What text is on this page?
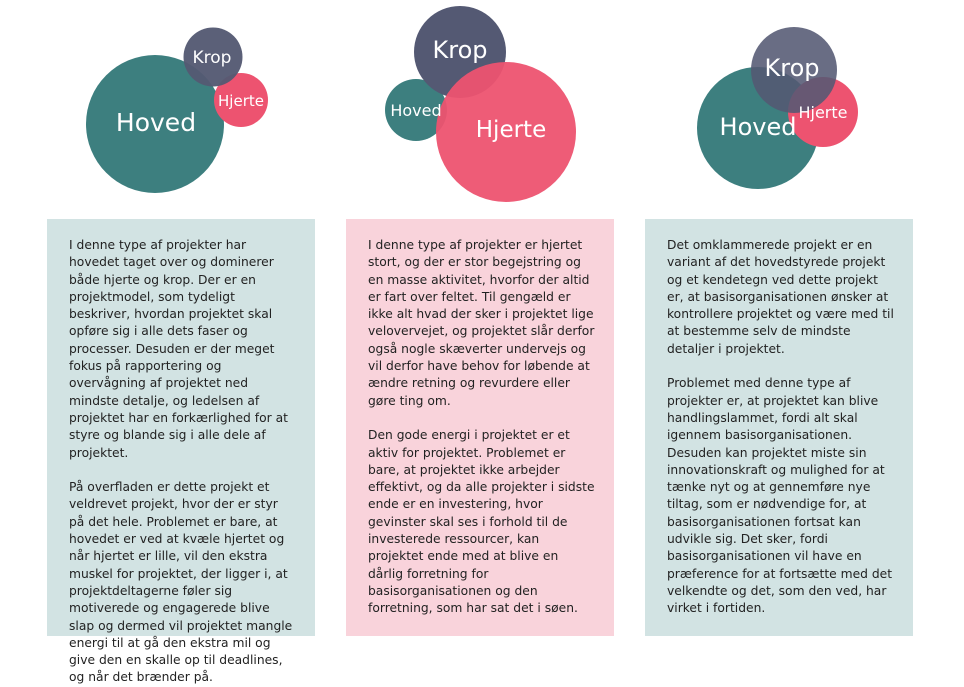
Hoved
Krop
Hjerte	Hoved
Krop
Hjerte	Hoved
Krop
Hjerte

I denne type af projekter har hovedet taget over og dominerer både hjerte og krop. Der er en projektmodel, som tydeligt beskriver, hvordan projektet skal opføre sig i alle dets faser og processer. Desuden er der meget fokus på rapportering og overvågning af projektet ned mindste detalje, og ledelsen af projektet har en forkærlighed for at styre og blande sig i alle dele af projektet.

På overfladen er dette projekt et veldrevet projekt, hvor der er styr på det hele. Problemet er bare, at hovedet er ved at kvæle hjertet og når hjertet er lille, vil den ekstra muskel for projektet, der ligger i, at projektdeltagerne føler sig motiverede og engagerede blive slap og dermed vil projektet mangle energi til at gå den ekstra mil og give den en skalle op til deadlines, og når det brænder på.

I denne type af projekter er hjertet stort, og der er stor begejstring og en masse aktivitet, hvorfor der altid er fart over feltet. Til gengæld er ikke alt hvad der sker i projektet lige velovervejet, og projektet slår derfor også nogle skæverter undervejs og vil derfor have behov for løbende at ændre retning og revurdere eller gøre ting om.

Den gode energi i projektet er et aktiv for projektet. Problemet er bare, at projektet ikke arbejder effektivt, og da alle projekter i sidste ende er en investering, hvor gevinster skal ses i forhold til de investerede ressourcer, kan projektet ende med at blive en dårlig forretning for basisorganisationen og den forretning, som har sat det i søen.

Det omklammerede projekt er en variant af det hovedstyrede projekt og et kendetegn ved dette projekt er, at basisorganisationen ønsker at kontrollere projektet og være med til at bestemme selv de mindste detaljer i projektet.

Problemet med denne type af projekter er, at projektet kan blive handlingslammet, fordi alt skal igennem basisorganisationen. Desuden kan projektet miste sin innovationskraft og mulighed for at tænke nyt og at gennemføre nye tiltag, som er nødvendige for, at basisorganisationen fortsat kan udvikle sig. Det sker, fordi basisorganisationen vil have en præference for at fortsætte med det velkendte og det, som den ved, har virket i fortiden.
